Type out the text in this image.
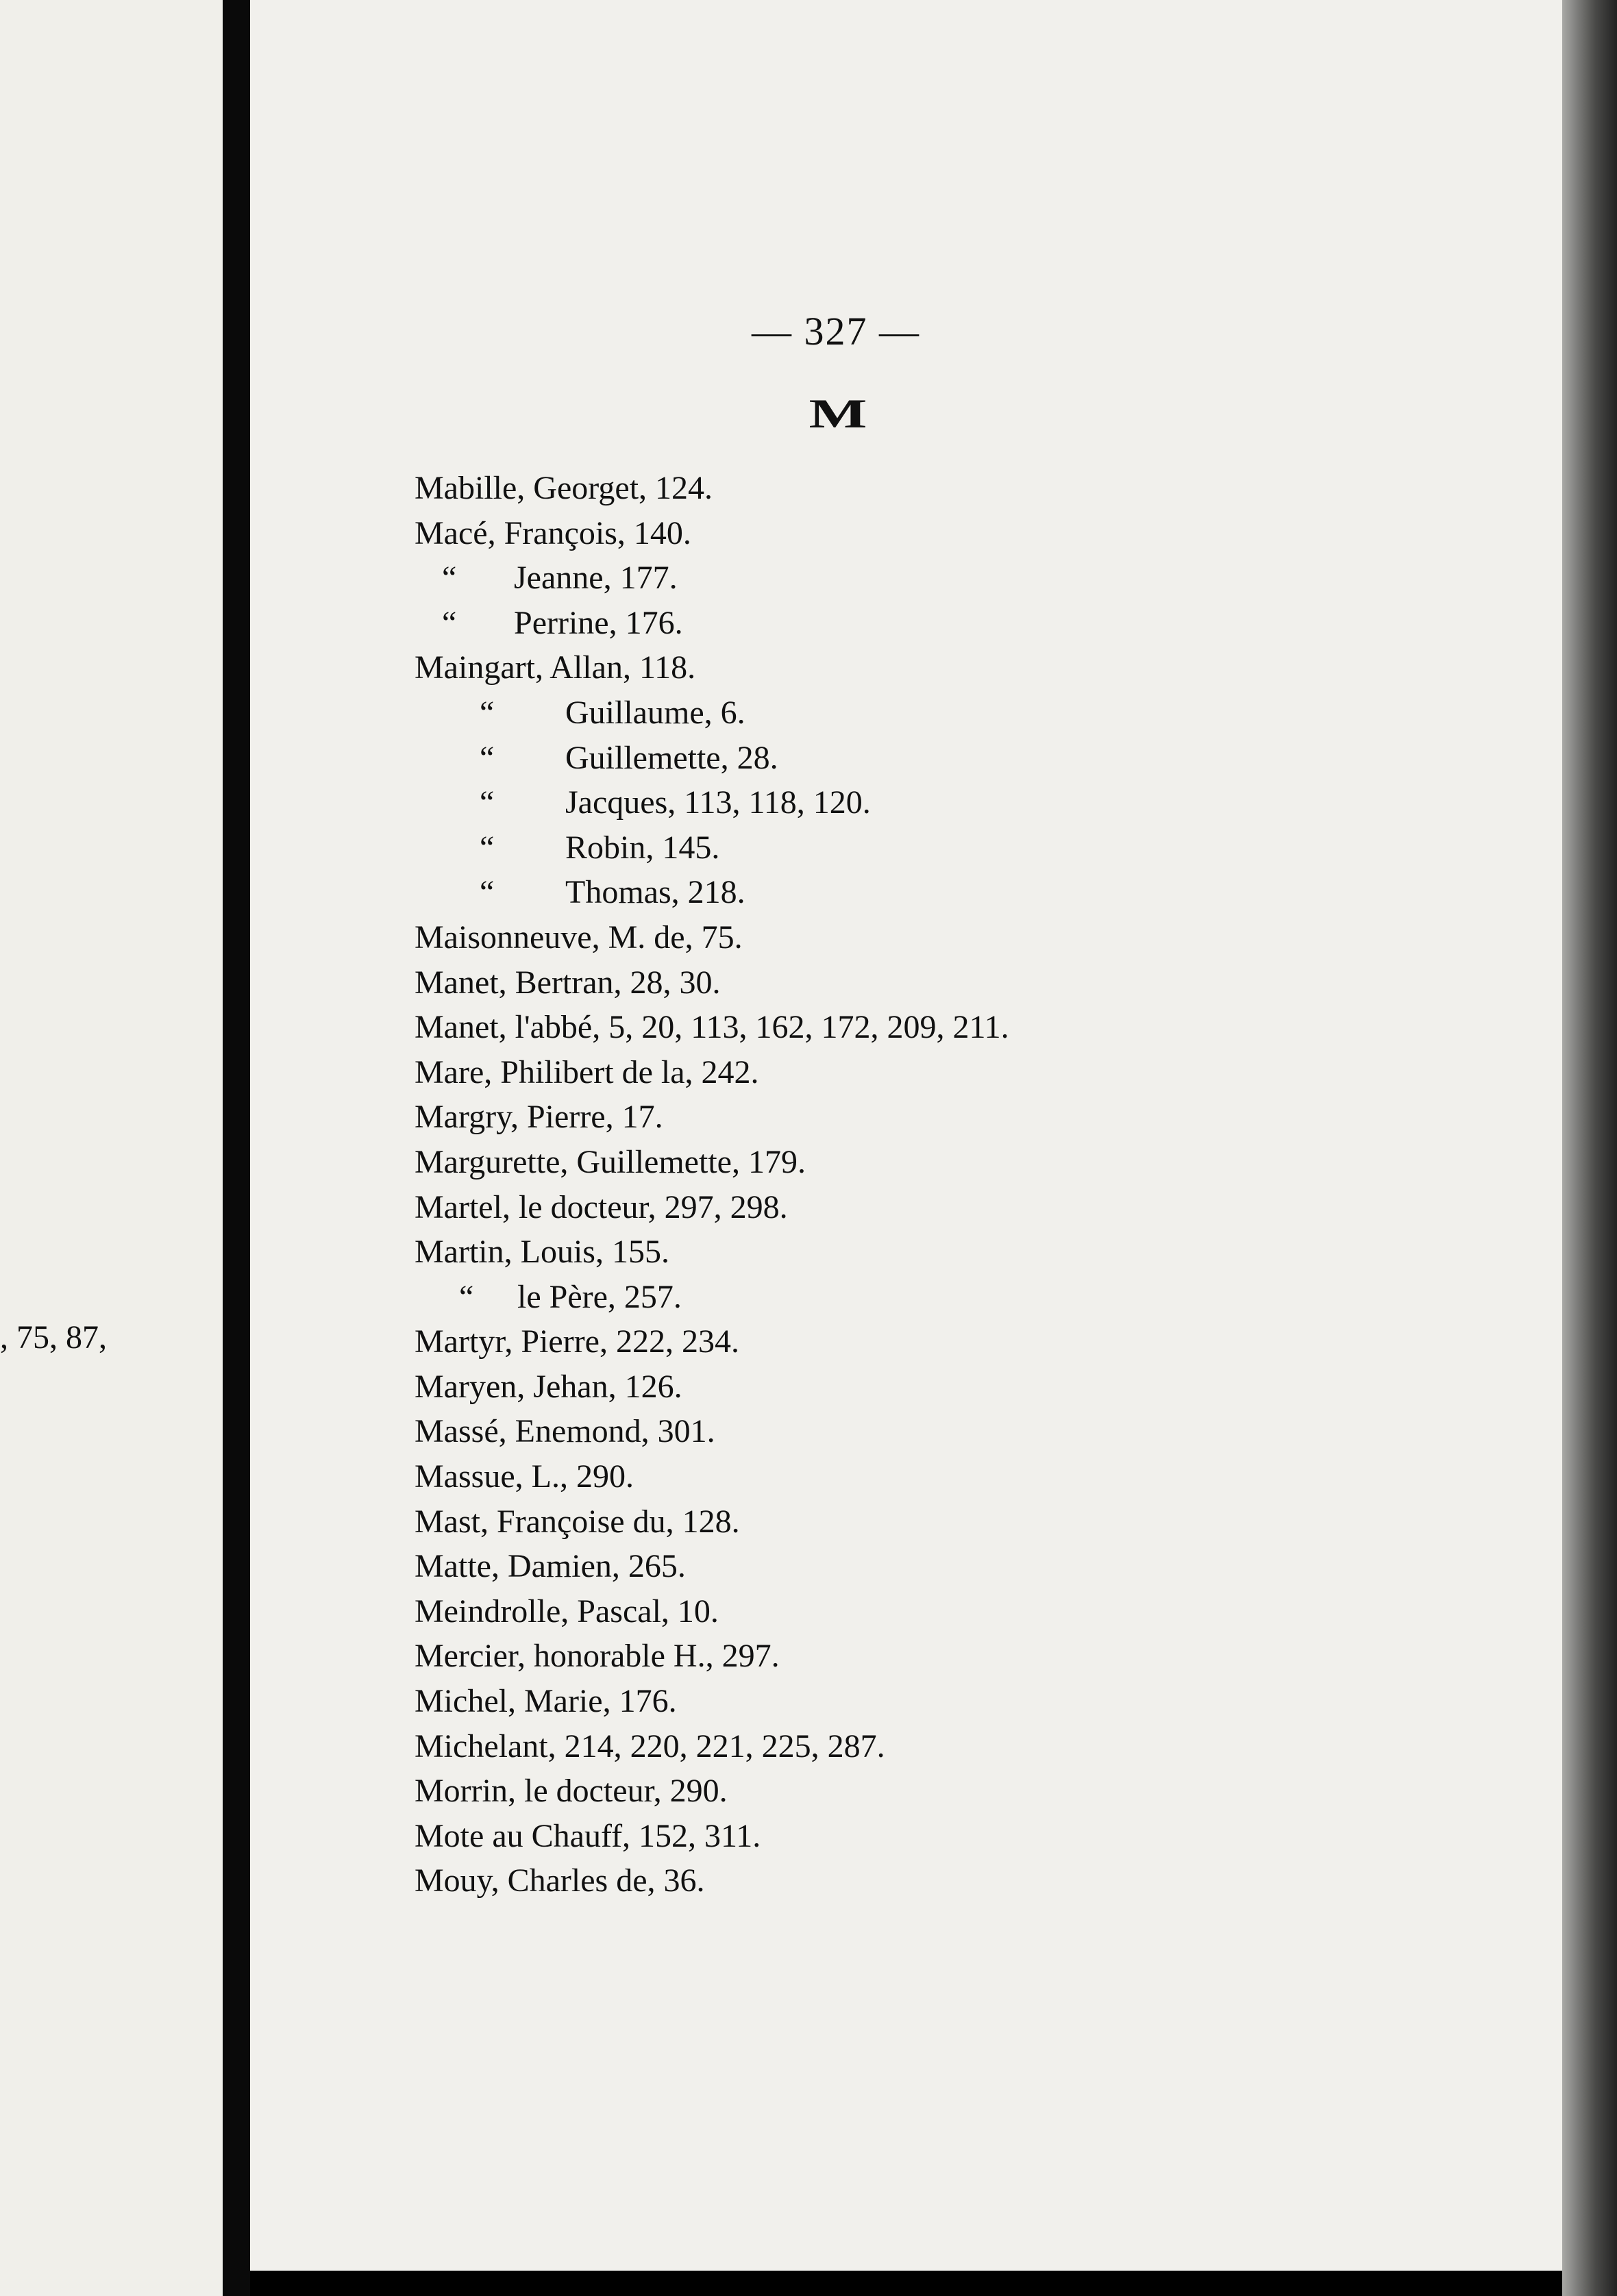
, 75, 87,
— 327 —
M
Mabille, Georget, 124.
Macé, François, 140.
“ Jeanne, 177.
“ Perrine, 176.
Maingart, Allan, 118.
“ Guillaume, 6.
“ Guillemette, 28.
“ Jacques, 113, 118, 120.
“ Robin, 145.
“ Thomas, 218.
Maisonneuve, M. de, 75.
Manet, Bertran, 28, 30.
Manet, l'abbé, 5, 20, 113, 162, 172, 209, 211.
Mare, Philibert de la, 242.
Margry, Pierre, 17.
Margurette, Guillemette, 179.
Martel, le docteur, 297, 298.
Martin, Louis, 155.
“ le Père, 257.
Martyr, Pierre, 222, 234.
Maryen, Jehan, 126.
Massé, Enemond, 301.
Massue, L., 290.
Mast, Françoise du, 128.
Matte, Damien, 265.
Meindrolle, Pascal, 10.
Mercier, honorable H., 297.
Michel, Marie, 176.
Michelant, 214, 220, 221, 225, 287.
Morrin, le docteur, 290.
Mote au Chauff, 152, 311.
Mouy, Charles de, 36.
